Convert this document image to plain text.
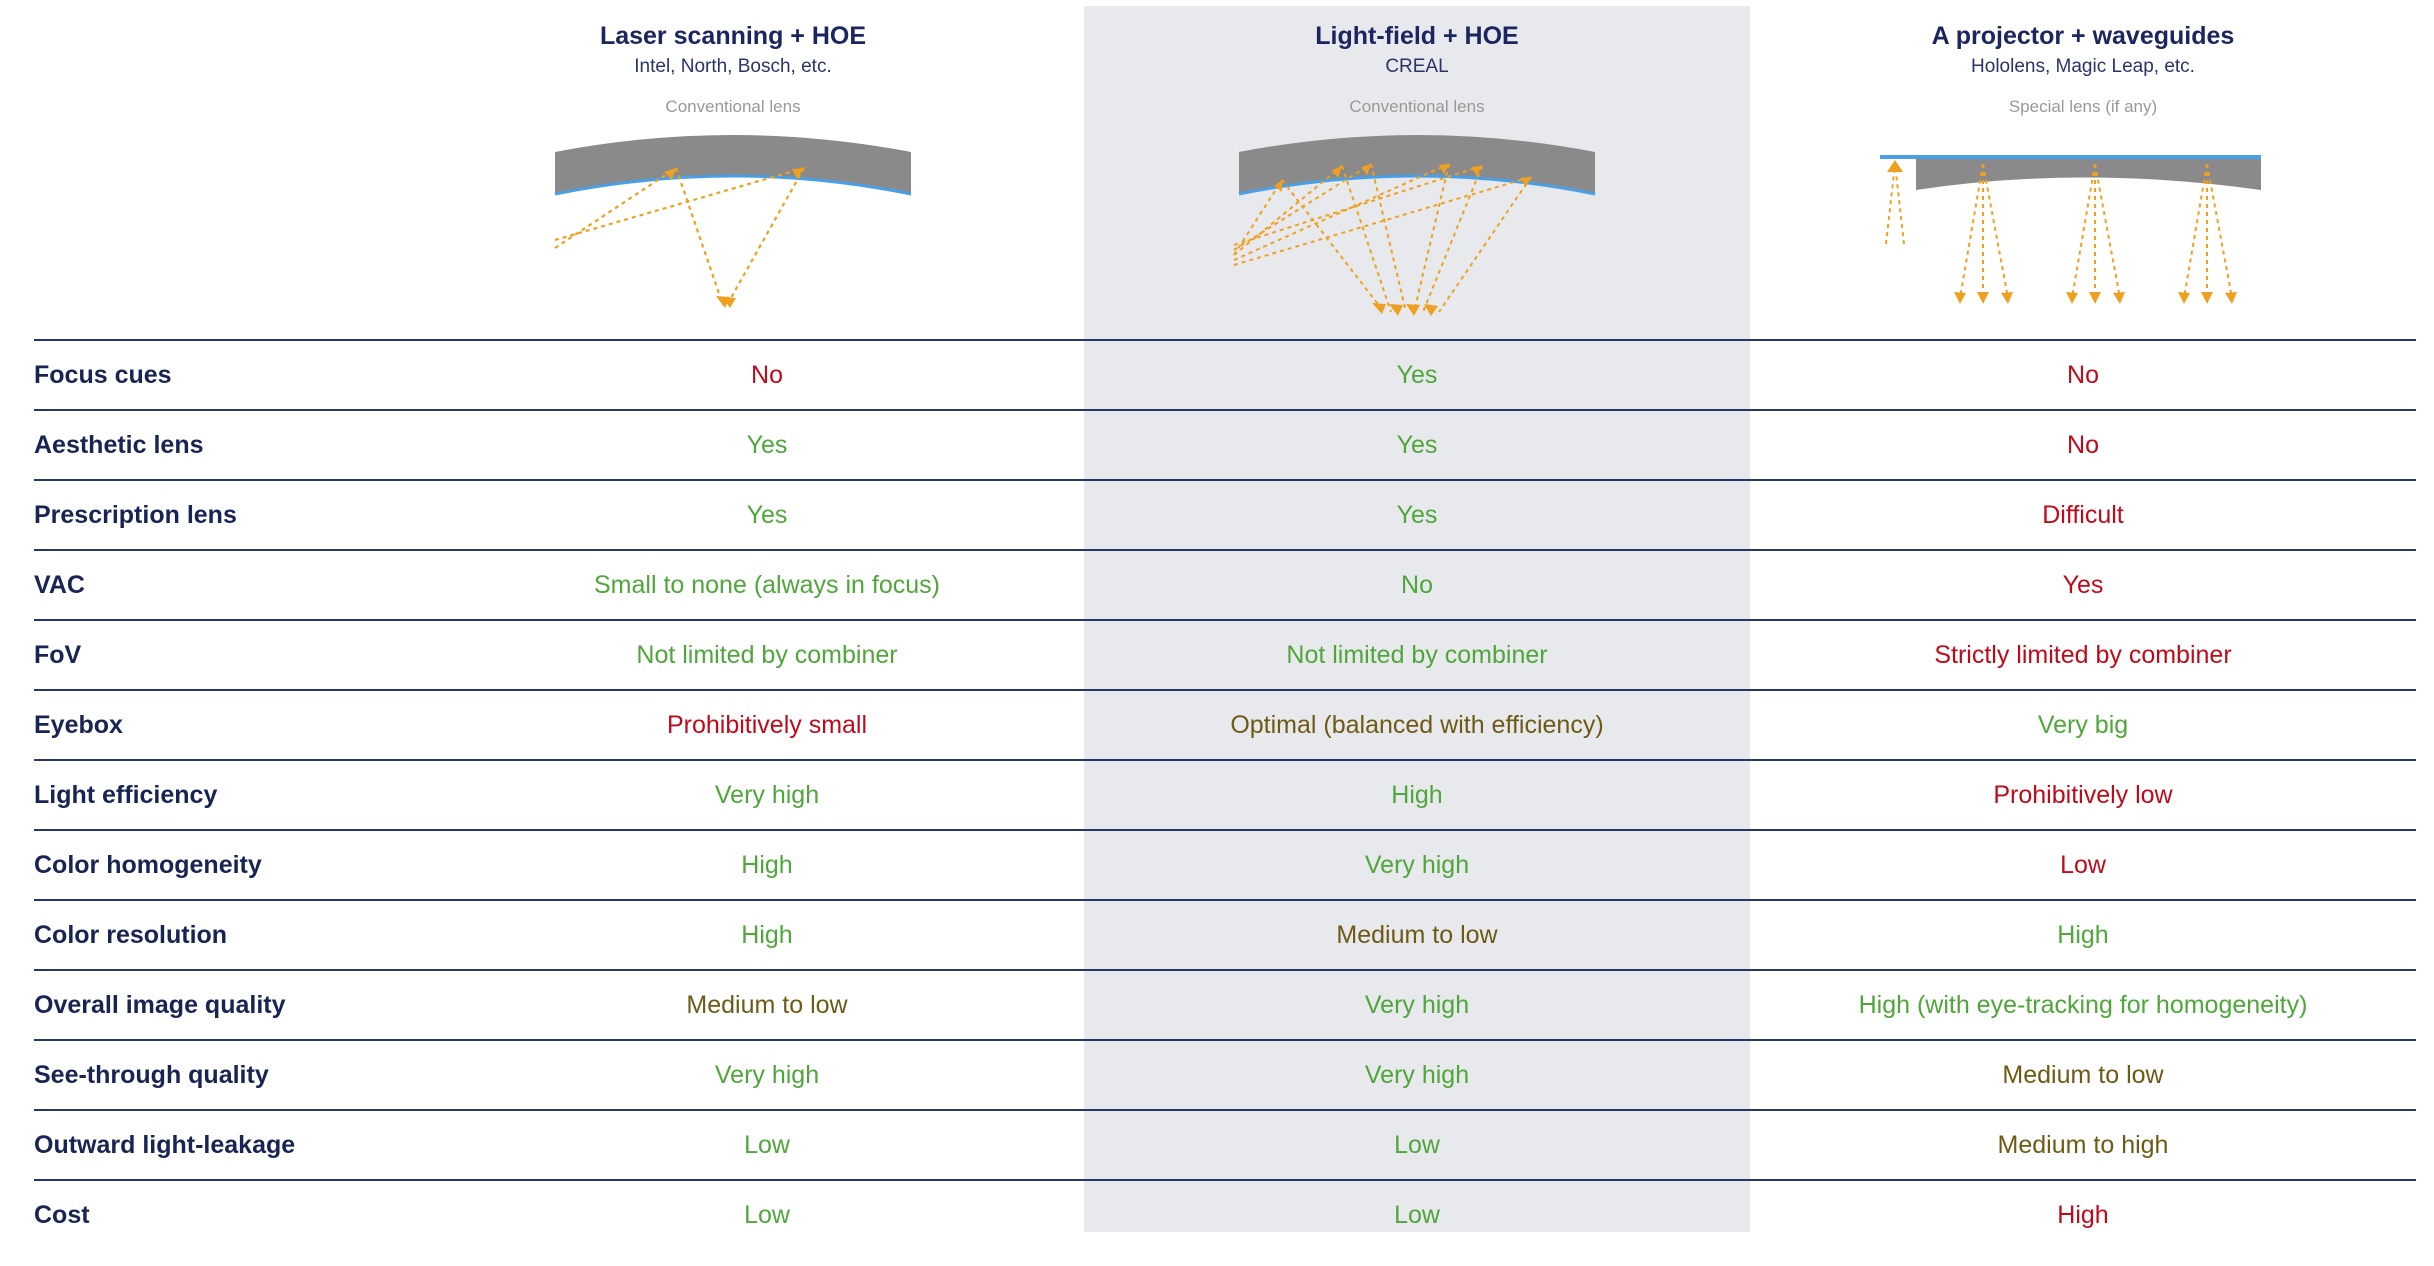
Laser scanning + HOE
Intel, North, Bosch, etc.
Conventional lens
Light-field + HOE
CREAL
Conventional lens
A projector + waveguides
Hololens, Magic Leap, etc.
Special lens (if any)
Focus cues	No	Yes	No
Aesthetic lens	Yes	Yes	No
Prescription lens	Yes	Yes	Difficult
VAC	Small to none (always in focus)	No	Yes
FoV	Not limited by combiner	Not limited by combiner	Strictly limited by combiner
Eyebox	Prohibitively small	Optimal (balanced with efficiency)	Very big
Light efficiency	Very high	High	Prohibitively low
Color homogeneity	High	Very high	Low
Color resolution	High	Medium to low	High
Overall image quality	Medium to low	Very high	High (with eye-tracking for homogeneity)
See-through quality	Very high	Very high	Medium to low
Outward light-leakage	Low	Low	Medium to high
Cost	Low	Low	High
